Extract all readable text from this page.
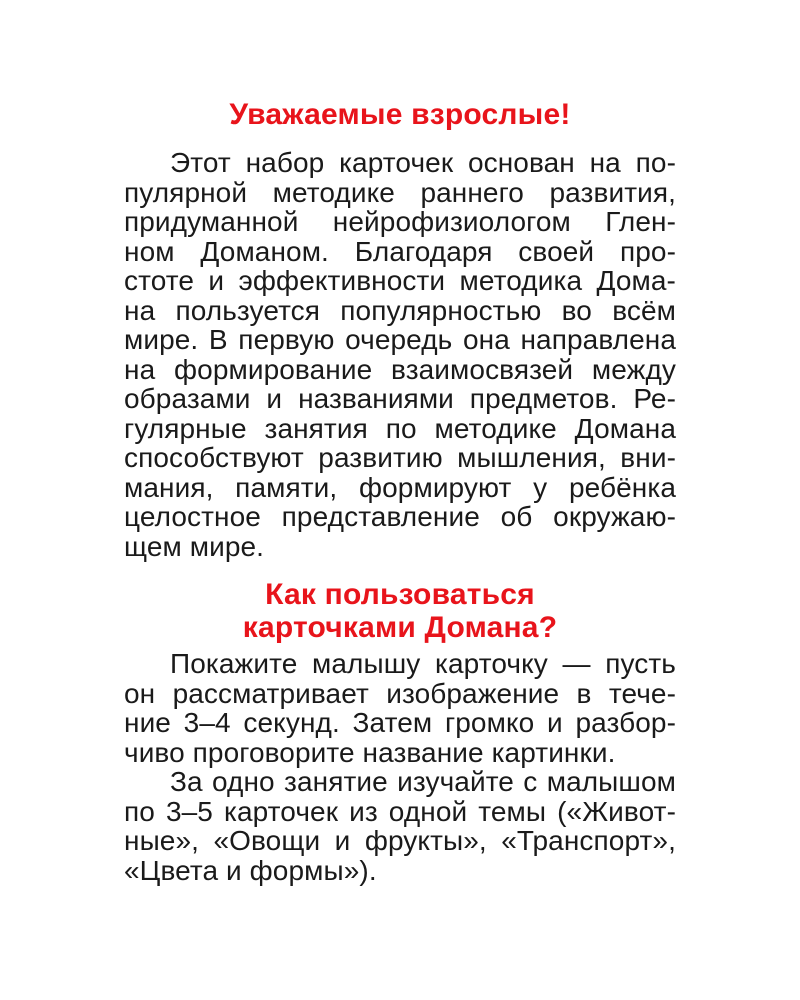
Уважаемые взрослые!
Этот набор карточек основан на по-
пулярной методике раннего развития,
придуманной нейрофизиологом Глен-
ном Доманом. Благодаря своей про-
стоте и эффективности методика Дома-
на пользуется популярностью во всём
мире. В первую очередь она направлена
на формирование взаимосвязей между
образами и названиями предметов. Ре-
гулярные занятия по методике Домана
способствуют развитию мышления, вни-
мания, памяти, формируют у ребёнка
целостное представление об окружаю-
щем мире.
Как пользоваться
карточками Домана?
Покажите малышу карточку — пусть
он рассматривает изображение в тече-
ние 3–4 секунд. Затем громко и разбор-
чиво проговорите название картинки.
За одно занятие изучайте с малышом
по 3–5 карточек из одной темы («Живот-
ные», «Овощи и фрукты», «Транспорт»,
«Цвета и формы»).
